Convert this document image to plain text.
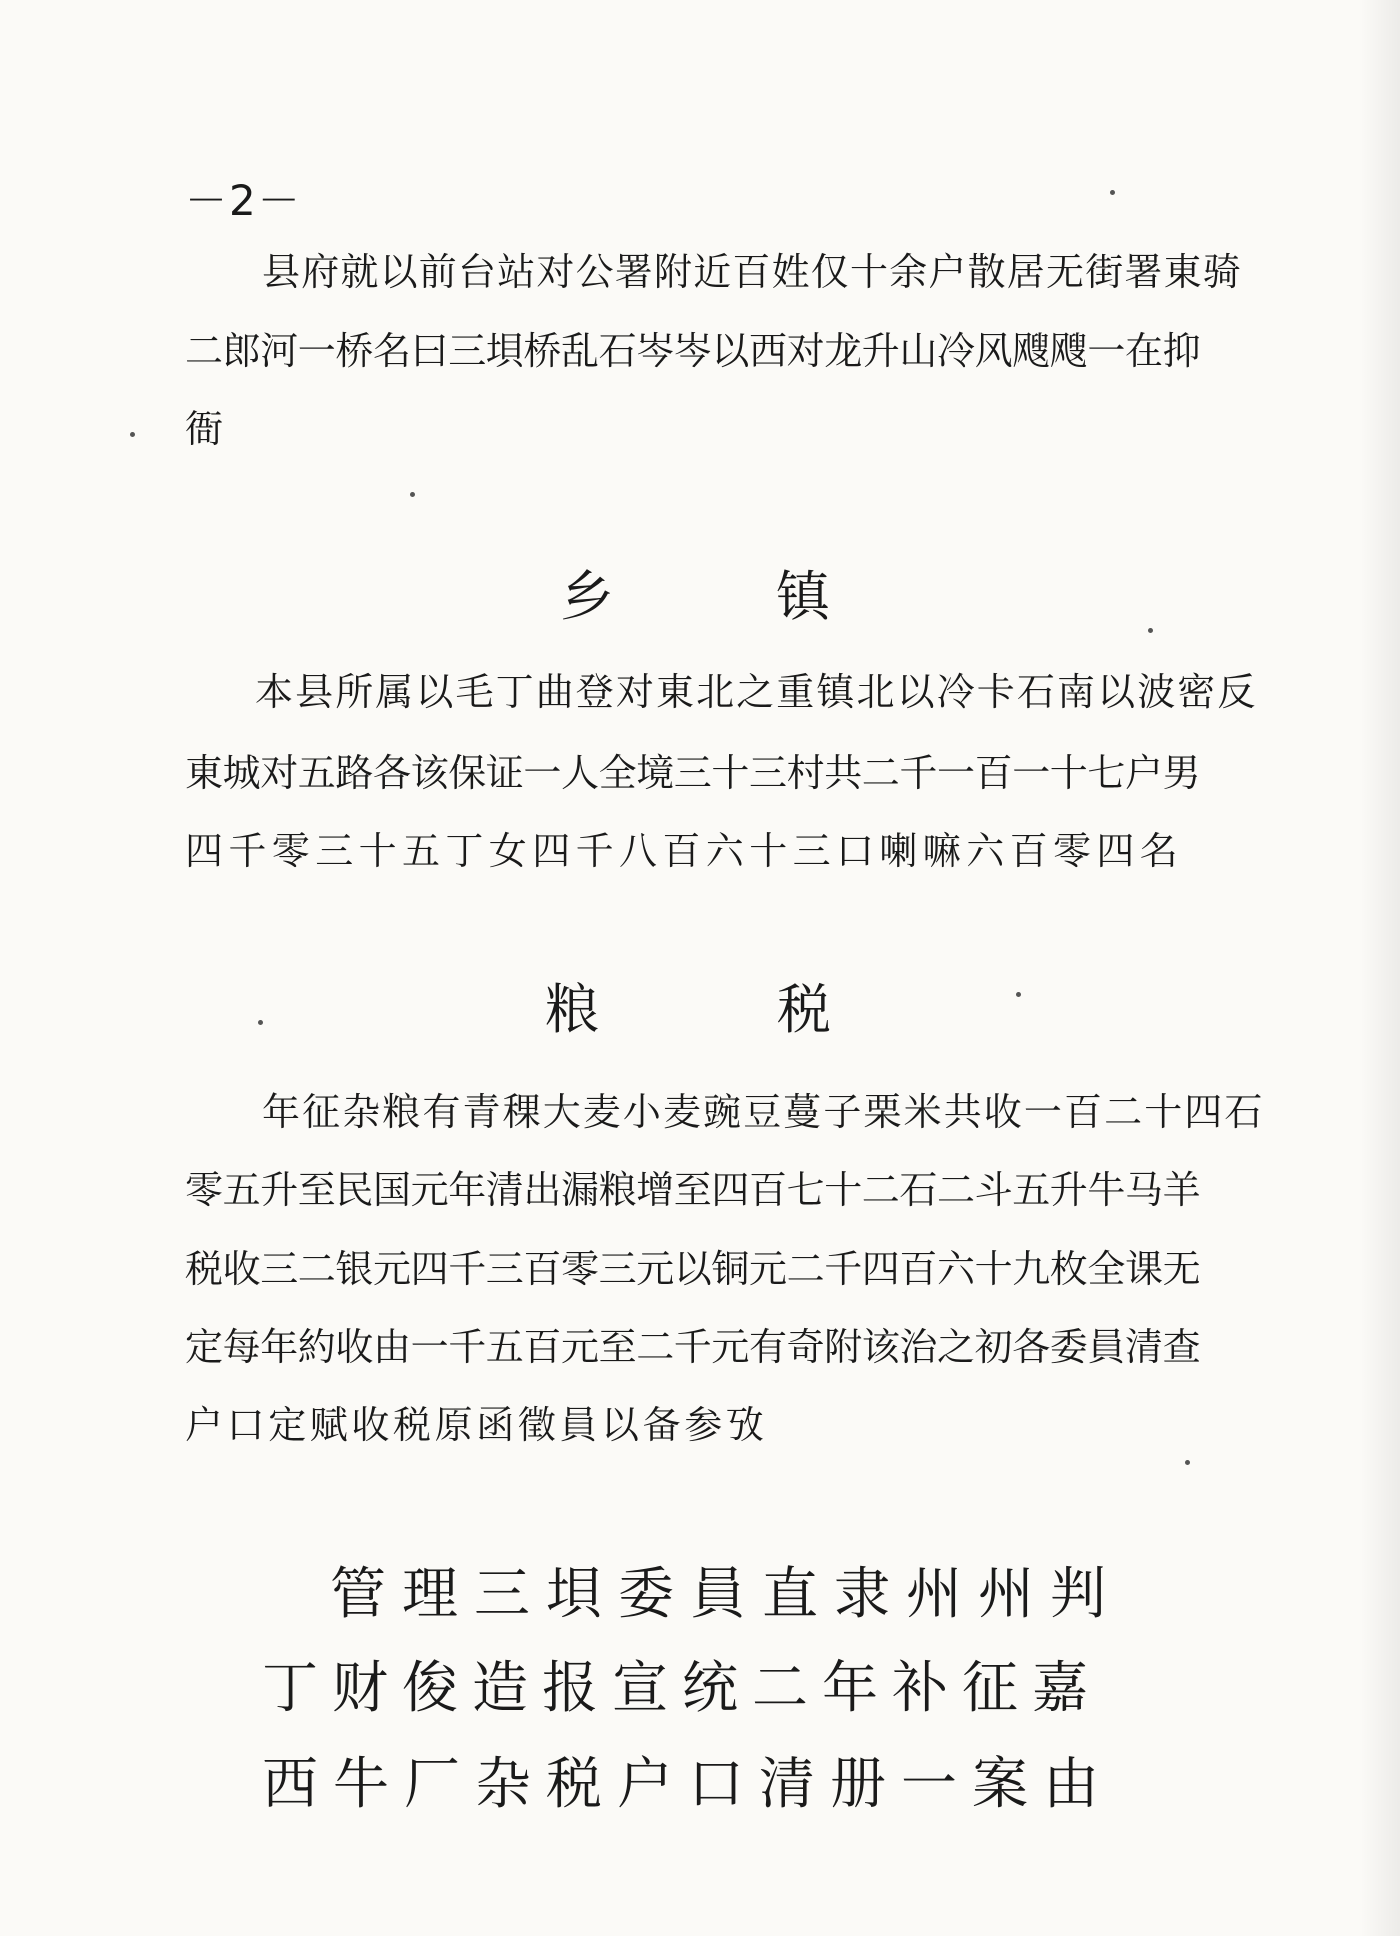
－2－
县府就以前台站对公署附近百姓仅十余户散居无街署東骑
二郎河一桥名曰三垻桥乱石岑岑以西对龙升山冷风飕飕一在抑
衙
乡	镇
本县所属以毛丁曲登对東北之重镇北以冷卡石南以波密反
東城对五路各该保证一人全境三十三村共二千一百一十七户男
四千零三十五丁女四千八百六十三口喇嘛六百零四名
粮	税
年征杂粮有青稞大麦小麦豌豆蔓子栗米共收一百二十四石
零五升至民国元年清出漏粮增至四百七十二石二斗五升牛马羊
税收三二银元四千三百零三元以铜元二千四百六十九枚全课无
定每年約收由一千五百元至二千元有奇附该治之初各委員清查
户口定赋收税原函徵員以备参攷
管理三垻委員直隶州州判
丁财俊造报宣统二年补征嘉
西牛厂杂税户口清册一案由
